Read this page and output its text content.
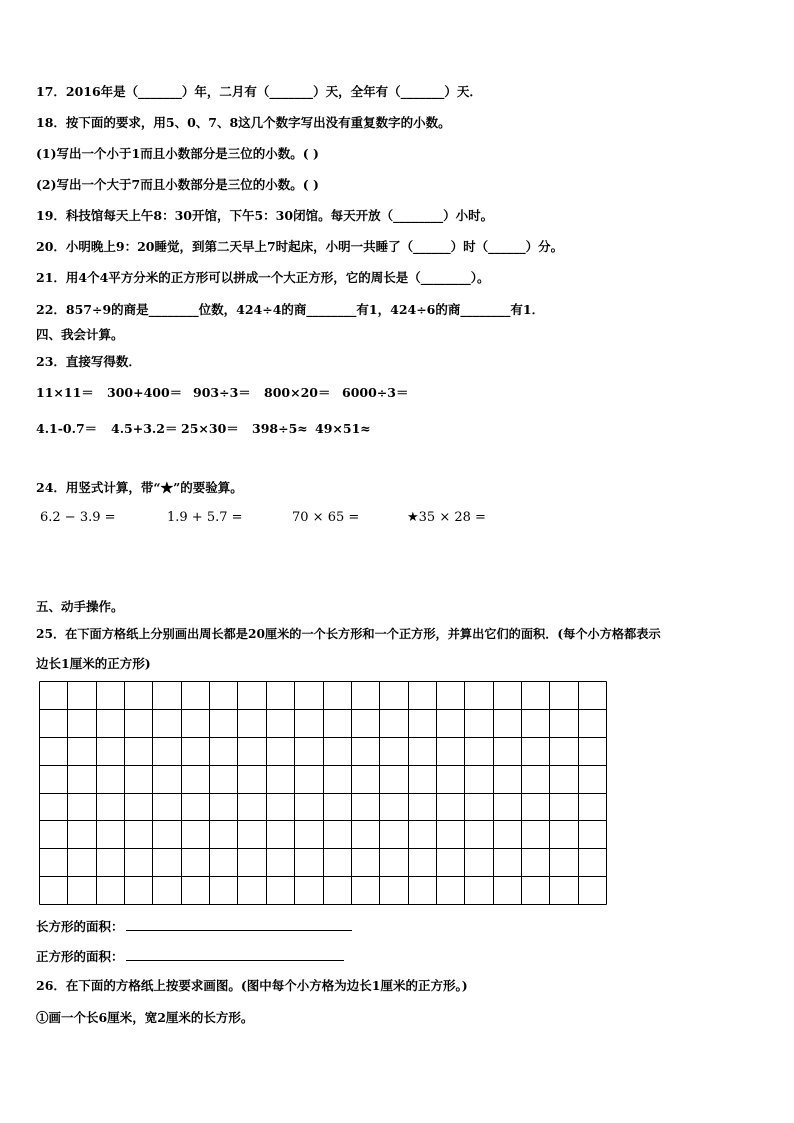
17．2016年是（_______）年，二月有（_______）天，全年有（_______）天．
18．按下面的要求，用5、0、7、8这几个数字写出没有重复数字的小数。
(1)写出一个小于1而且小数部分是三位的小数。( )
(2)写出一个大于7而且小数部分是三位的小数。( )
19．科技馆每天上午8：30开馆，下午5：30闭馆。每天开放（________）小时。
20．小明晚上9：20睡觉，到第二天早上7时起床，小明一共睡了（______）时（______）分。
21．用4个4平方分米的正方形可以拼成一个大正方形，它的周长是（________）。
22．857÷9的商是________位数，424÷4的商________有1，424÷6的商________有1．
四、我会计算。
23．直接写得数．
11×11＝ 300+400＝ 903÷3＝ 800×20＝ 6000÷3＝
4.1-0.7＝ 4.5+3.2＝ 25×30＝ 398÷5≈ 49×51≈
24．用竖式计算，带“★”的要验算。
6.2 − 3.9 =	1.9 + 5.7 =	70 × 65 =	★35 × 28 =
五、动手操作。
25．在下面方格纸上分别画出周长都是20厘米的一个长方形和一个正方形，并算出它们的面积．(每个小方格都表示
边长1厘米的正方形)
长方形的面积：
正方形的面积：
26．在下面的方格纸上按要求画图。(图中每个小方格为边长1厘米的正方形。)
①画一个长6厘米，宽2厘米的长方形。
